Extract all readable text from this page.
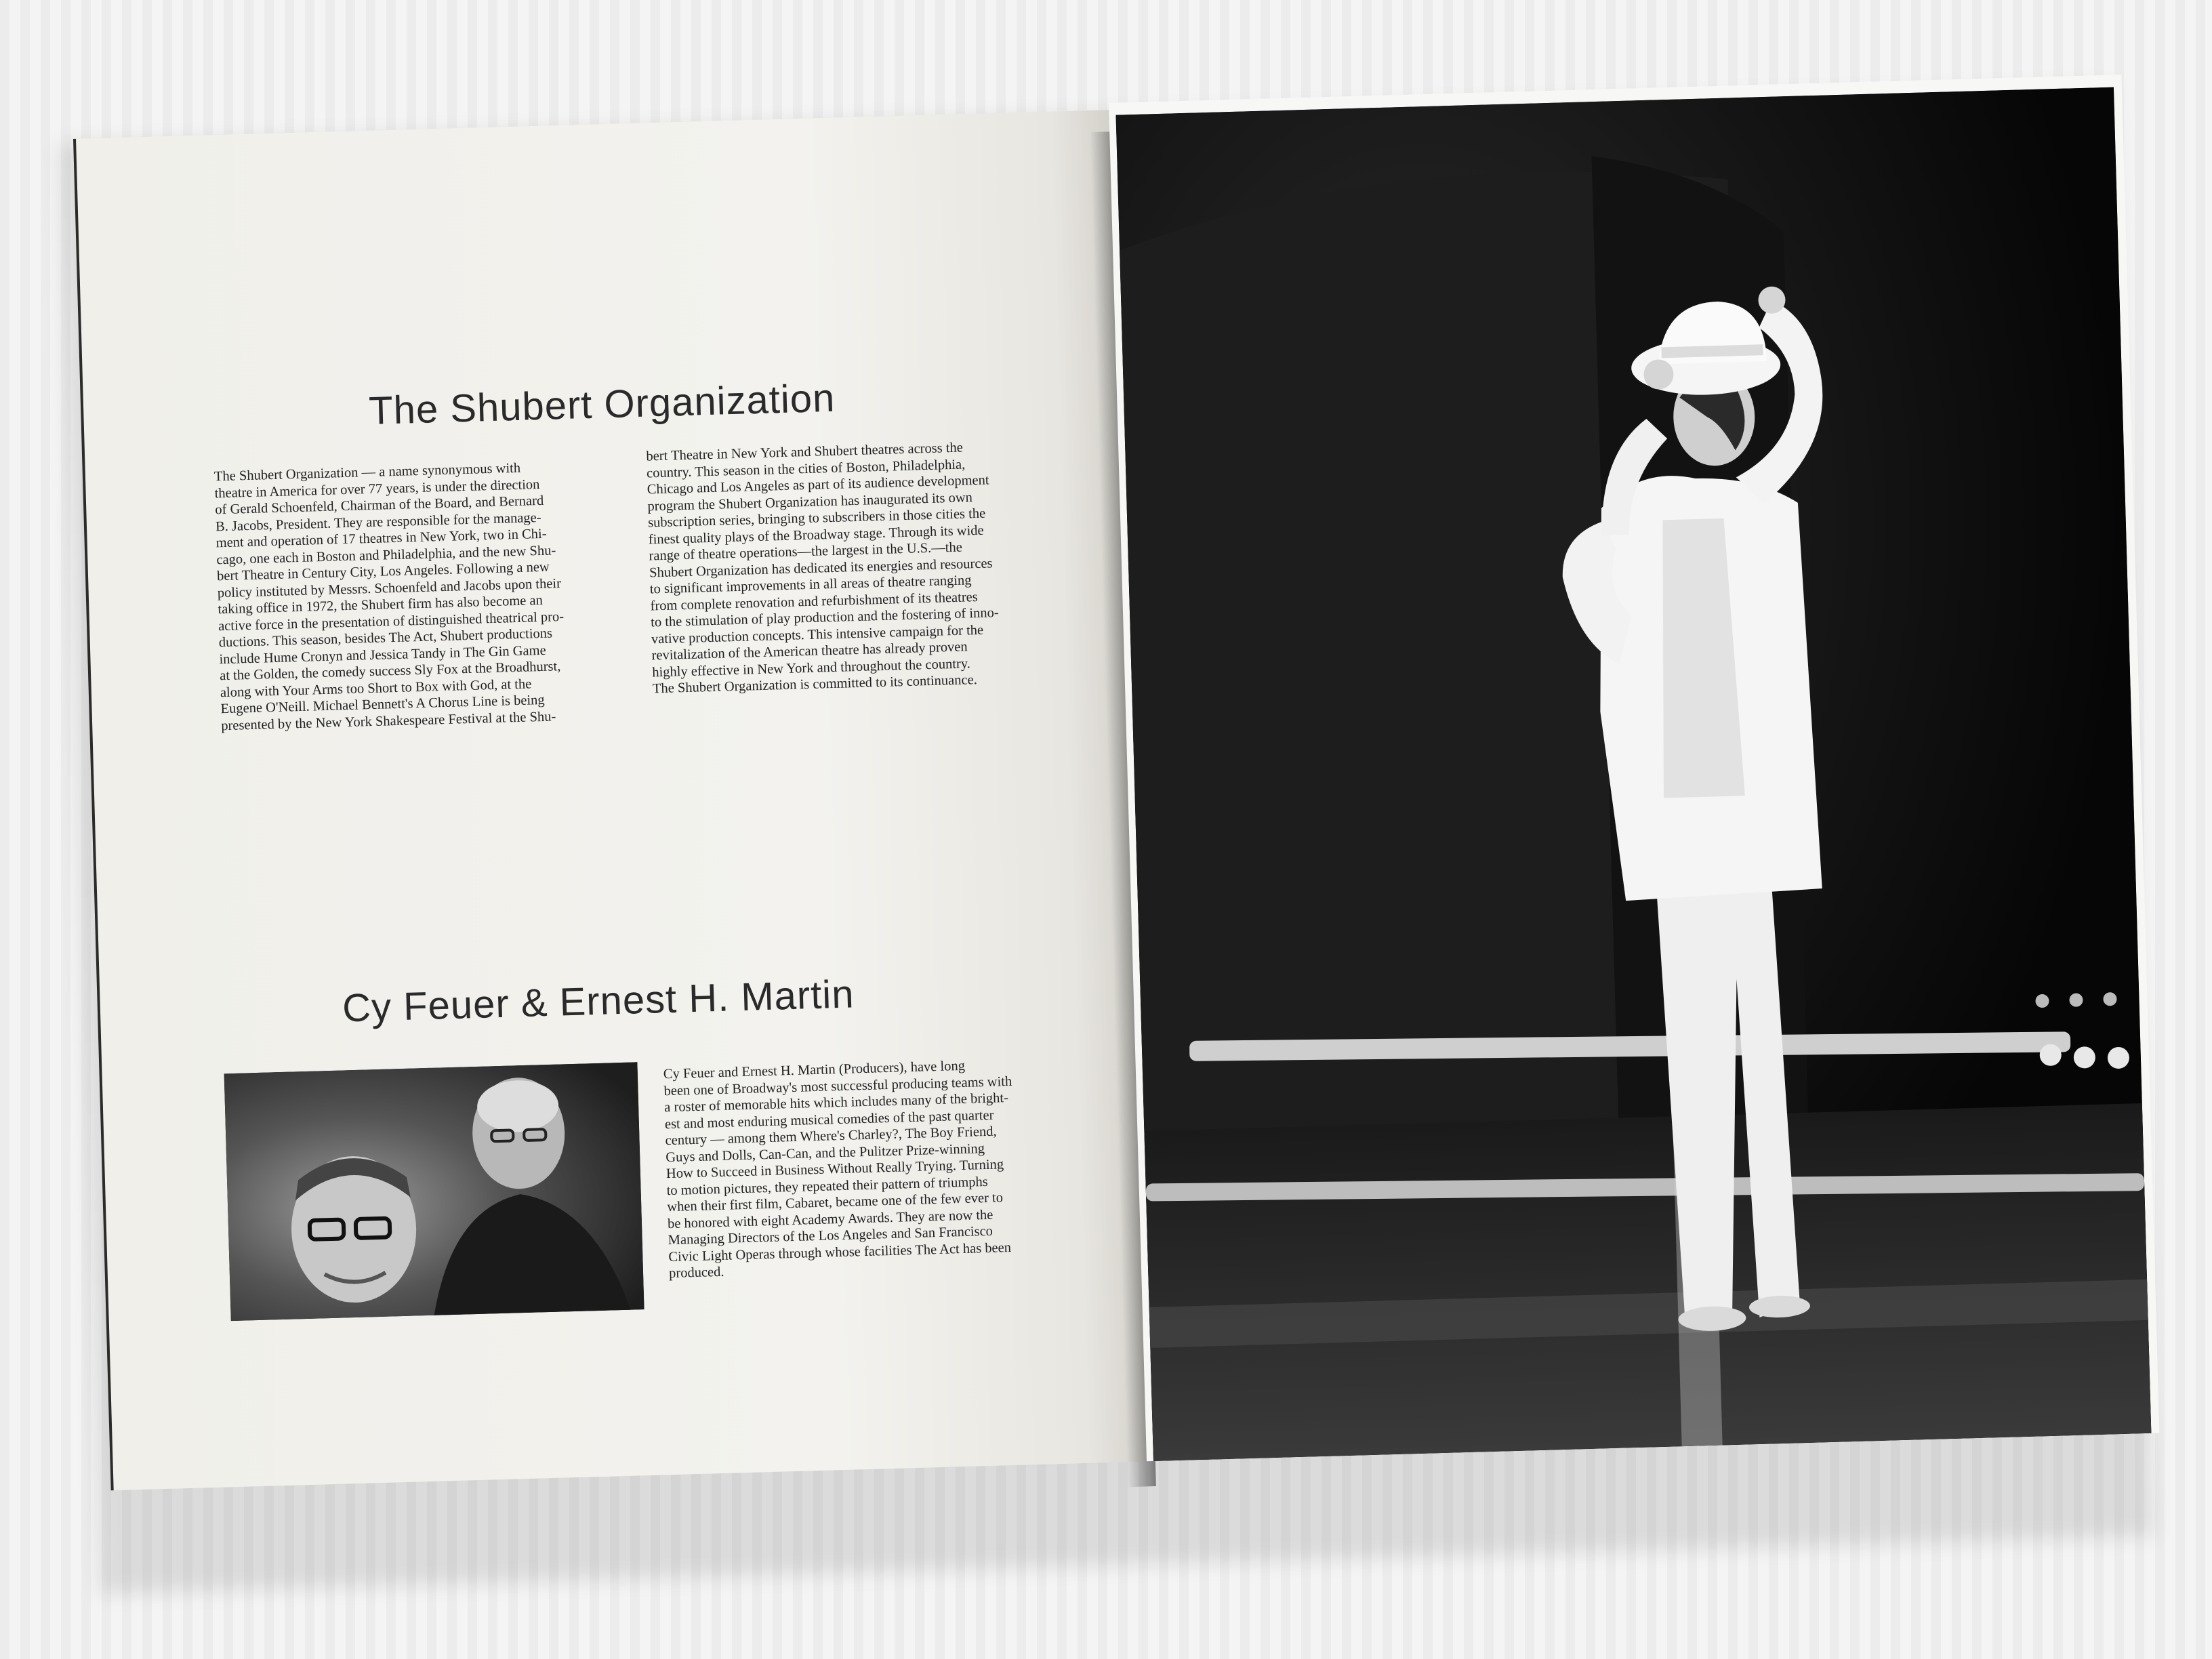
The Shubert Organization
The Shubert Organization — a name synonymous with
theatre in America for over 77 years, is under the direction
of Gerald Schoenfeld, Chairman of the Board, and Bernard
B. Jacobs, President. They are responsible for the manage-
ment and operation of 17 theatres in New York, two in Chi-
cago, one each in Boston and Philadelphia, and the new Shu-
bert Theatre in Century City, Los Angeles. Following a new
policy instituted by Messrs. Schoenfeld and Jacobs upon their
taking office in 1972, the Shubert firm has also become an
active force in the presentation of distinguished theatrical pro-
ductions. This season, besides The Act, Shubert productions
include Hume Cronyn and Jessica Tandy in The Gin Game
at the Golden, the comedy success Sly Fox at the Broadhurst,
along with Your Arms too Short to Box with God, at the
Eugene O'Neill. Michael Bennett's A Chorus Line is being
presented by the New York Shakespeare Festival at the Shu-
bert Theatre in New York and Shubert theatres across the
country. This season in the cities of Boston, Philadelphia,
Chicago and Los Angeles as part of its audience development
program the Shubert Organization has inaugurated its own
subscription series, bringing to subscribers in those cities the
finest quality plays of the Broadway stage. Through its wide
range of theatre operations—the largest in the U.S.—the
Shubert Organization has dedicated its energies and resources
to significant improvements in all areas of theatre ranging
from complete renovation and refurbishment of its theatres
to the stimulation of play production and the fostering of inno-
vative production concepts. This intensive campaign for the
revitalization of the American theatre has already proven
highly effective in New York and throughout the country.
The Shubert Organization is committed to its continuance.
Cy Feuer & Ernest H. Martin
Cy Feuer and Ernest H. Martin (Producers), have long
been one of Broadway's most successful producing teams with
a roster of memorable hits which includes many of the bright-
est and most enduring musical comedies of the past quarter
century — among them Where's Charley?, The Boy Friend,
Guys and Dolls, Can-Can, and the Pulitzer Prize-winning
How to Succeed in Business Without Really Trying. Turning
to motion pictures, they repeated their pattern of triumphs
when their first film, Cabaret, became one of the few ever to
be honored with eight Academy Awards. They are now the
Managing Directors of the Los Angeles and San Francisco
Civic Light Operas through whose facilities The Act has been
produced.
